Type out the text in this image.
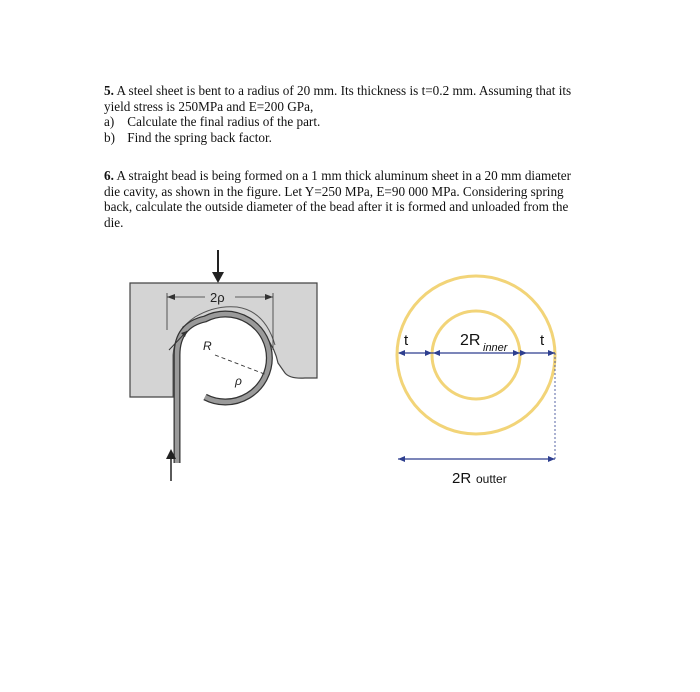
5. A steel sheet is bent to a radius of 20 mm. Its thickness is t=0.2 mm. Assuming that its
yield stress is 250MPa and E=200 GPa,
a) Calculate the final radius of the part.
b) Find the spring back factor.
6. A straight bead is being formed on a 1 mm thick aluminum sheet in a 20 mm diameter
die cavity, as shown in the figure. Let Y=250 MPa, E=90 000 MPa. Considering spring
back, calculate the outside diameter of the bead after it is formed and unloaded from the
die.
2ρ
R
ρ
t	2R inner t
2R outter
